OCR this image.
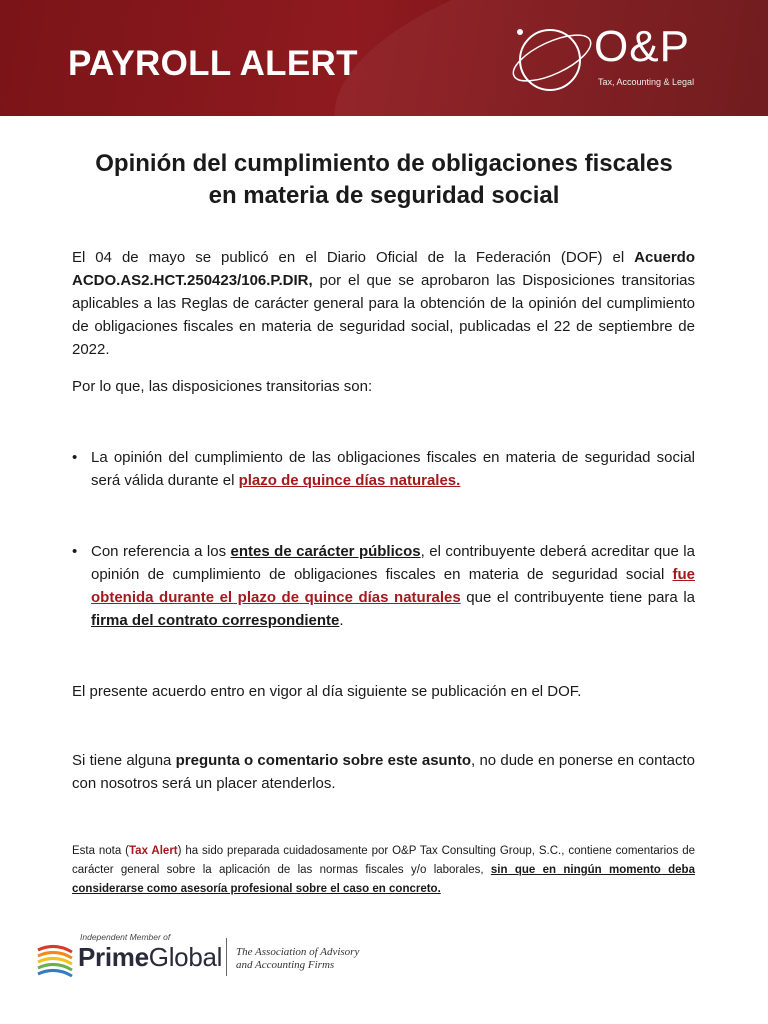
PAYROLL ALERT	O&P
Tax, Accounting & Legal
Opinión del cumplimiento de obligaciones fiscales
en materia de seguridad social

El 04 de mayo se publicó en el Diario Oficial de la Federación (DOF) el Acuerdo ACDO.AS2.HCT.250423/106.P.DIR, por el que se aprobaron las Disposiciones transitorias aplicables a las Reglas de carácter general para la obtención de la opinión del cumplimiento de obligaciones fiscales en materia de seguridad social, publicadas el 22 de septiembre de 2022.

Por lo que, las disposiciones transitorias son:

• La opinión del cumplimiento de las obligaciones fiscales en materia de seguridad social será válida durante el plazo de quince días naturales.
• Con referencia a los entes de carácter públicos, el contribuyente deberá acreditar que la opinión de cumplimiento de obligaciones fiscales en materia de seguridad social fue obtenida durante el plazo de quince días naturales que el contribuyente tiene para la firma del contrato correspondiente.

El presente acuerdo entro en vigor al día siguiente se publicación en el DOF.

Si tiene alguna pregunta o comentario sobre este asunto, no dude en ponerse en contacto con nosotros será un placer atenderlos.

Esta nota (Tax Alert) ha sido preparada cuidadosamente por O&P Tax Consulting Group, S.C., contiene comentarios de carácter general sobre la aplicación de las normas fiscales y/o laborales, sin que en ningún momento deba considerarse como asesoría profesional sobre el caso en concreto.

Independent Member of
PrimeGlobal The Association of Advisory
and Accounting Firms
